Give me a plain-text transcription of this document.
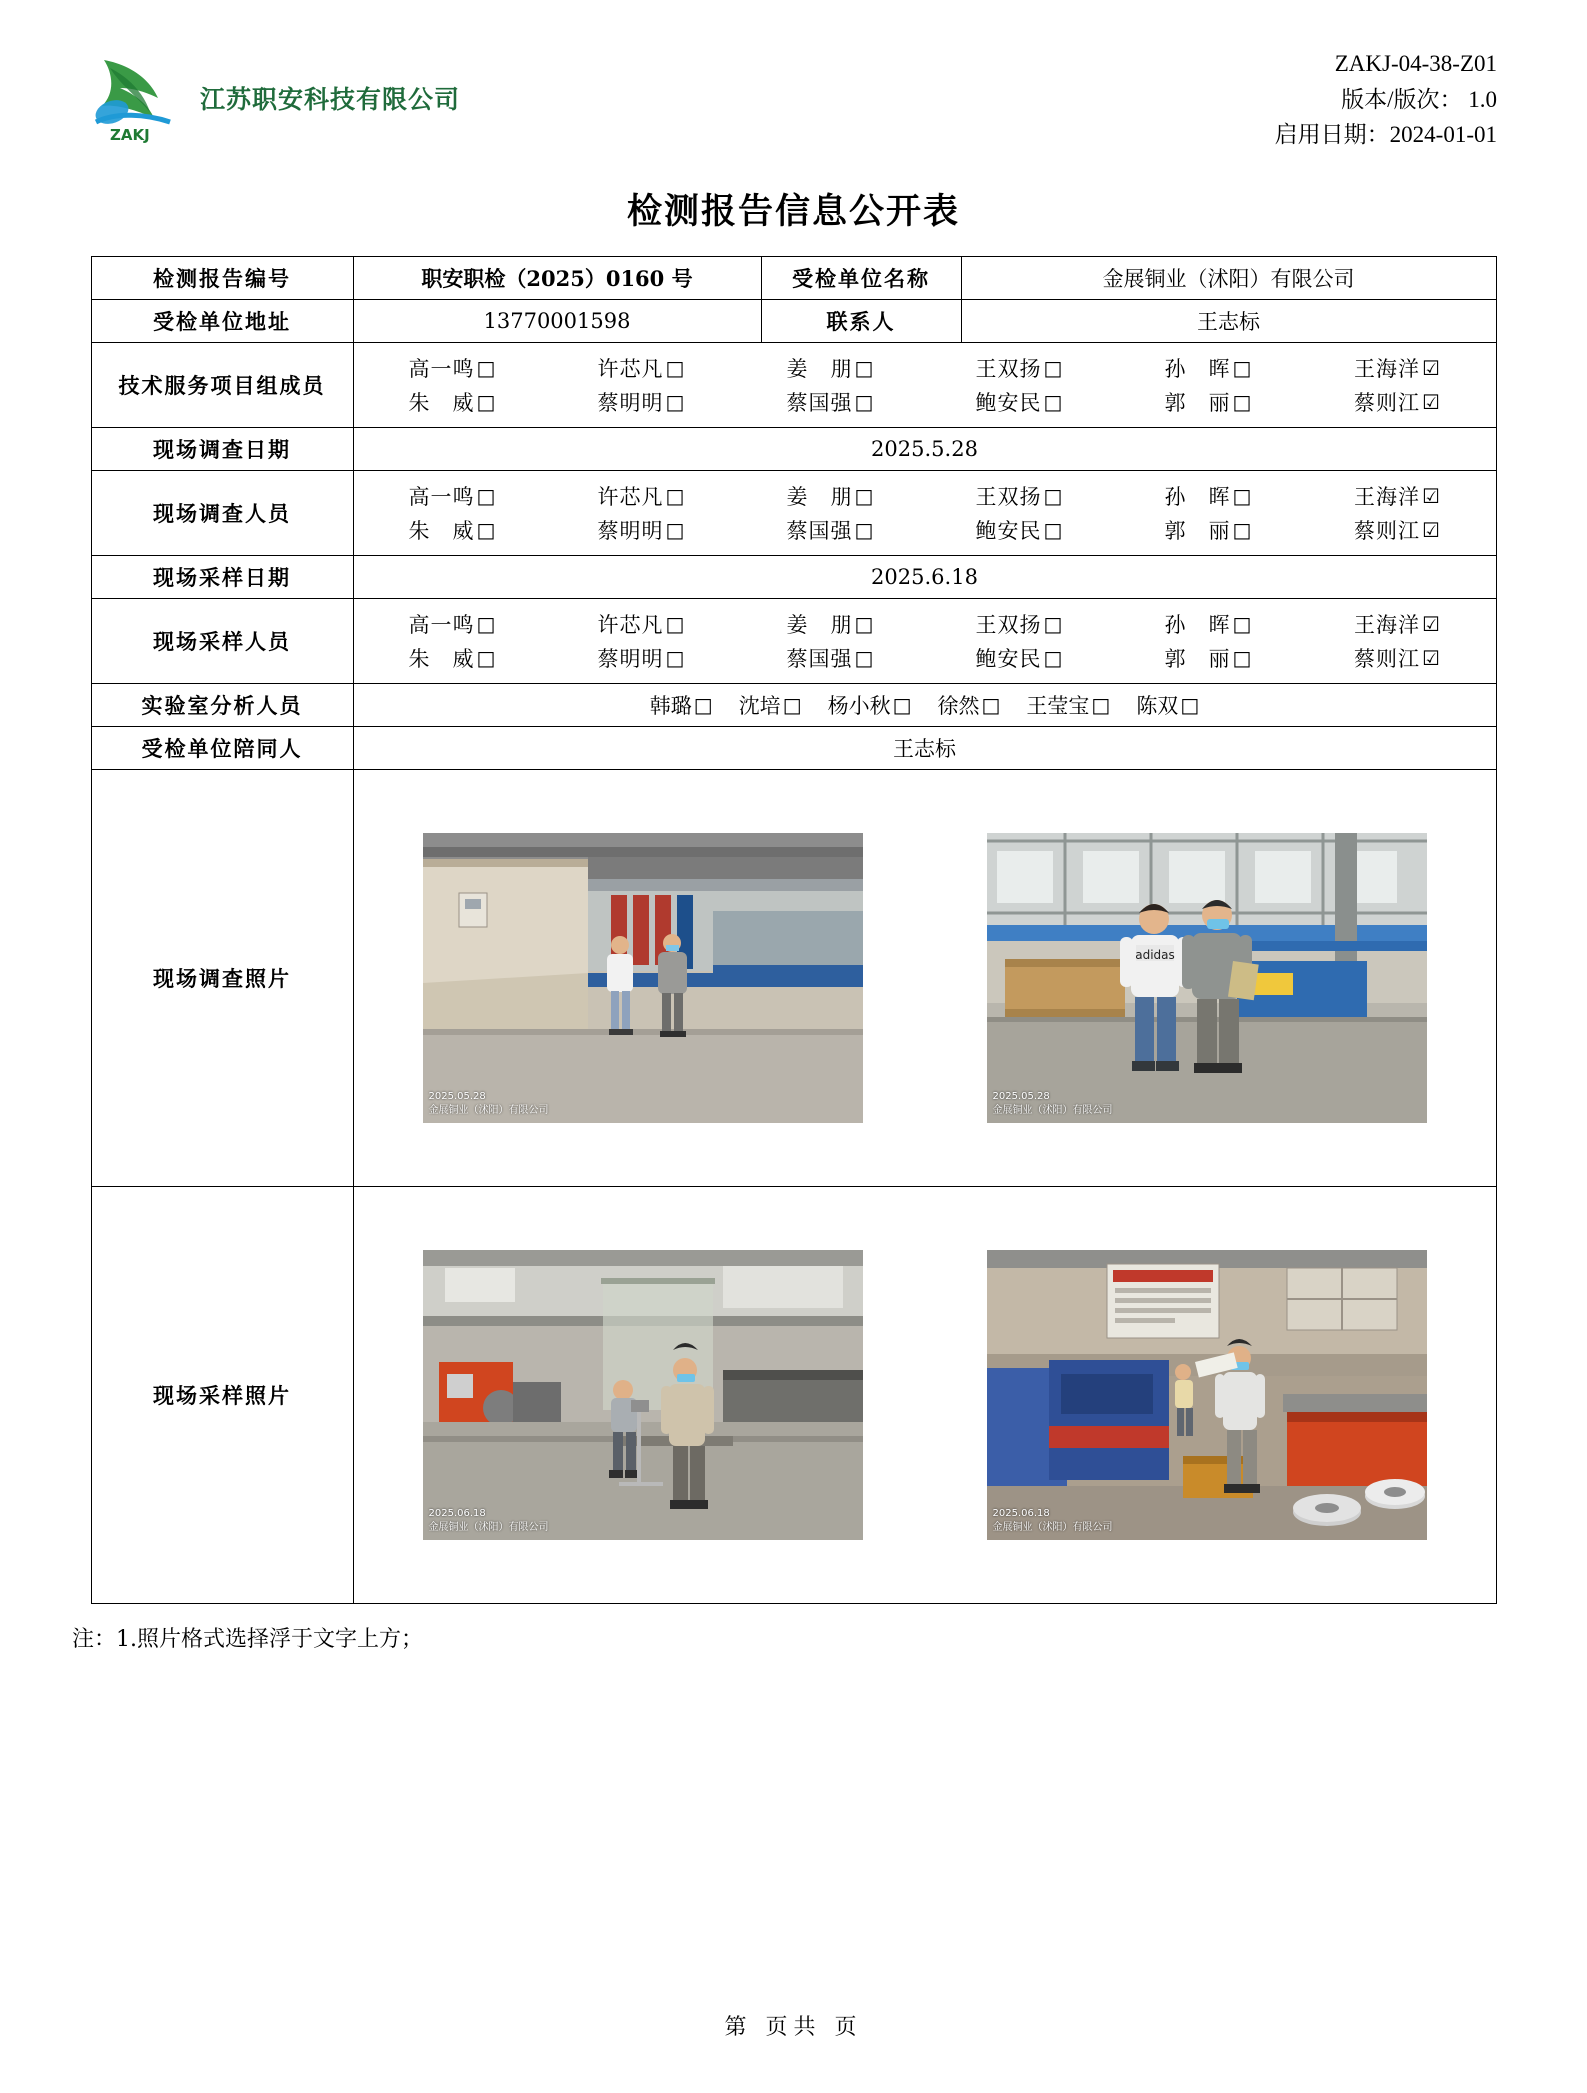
ZAKJ
江苏职安科技有限公司
ZAKJ-04-38-Z01
版本/版次： 1.0
启用日期：2024-01-01
检测报告信息公开表
检测报告编号	职安职检（2025）0160 号	受检单位名称	金展铜业（沭阳）有限公司
受检单位地址	13770001598	联系人	王志标
技术服务项目组成员	
高一鸣 □	许芯凡 □	姜　朋 □	王双扬 □	孙　晖 □	王海洋 ☑
朱　威 □	蔡明明 □	蔡国强 □	鲍安民 □	郭　丽 □	蔡则江 ☑

现场调查日期	2025.5.28		
现场调查人员	
高一鸣 □	许芯凡 □	姜　朋 □	王双扬 □	孙　晖 □	王海洋 ☑
朱　威 □	蔡明明 □	蔡国强 □	鲍安民 □	郭　丽 □	蔡则江 ☑

现场采样日期	2025.6.18		
现场采样人员	
高一鸣 □	许芯凡 □	姜　朋 □	王双扬 □	孙　晖 □	王海洋 ☑
朱　威 □	蔡明明 □	蔡国强 □	鲍安民 □	郭　丽 □	蔡则江 ☑

实验室分析人员	韩璐 □ 沈培 □ 杨小秋 □ 徐然 □ 王莹宝 □ 陈双 □

受检单位陪同人	王志标		
现场调查照片	2025.05.28
金展铜业（沭阳）有限公司
adidas
2025.05.28
金展铜业（沭阳）有限公司		

现场采样照片	2025.06.18
金展铜业（沭阳）有限公司
2025.06.18
金展铜业（沭阳）有限公司		
注：1.照片格式选择浮于文字上方；
第 页共 页
